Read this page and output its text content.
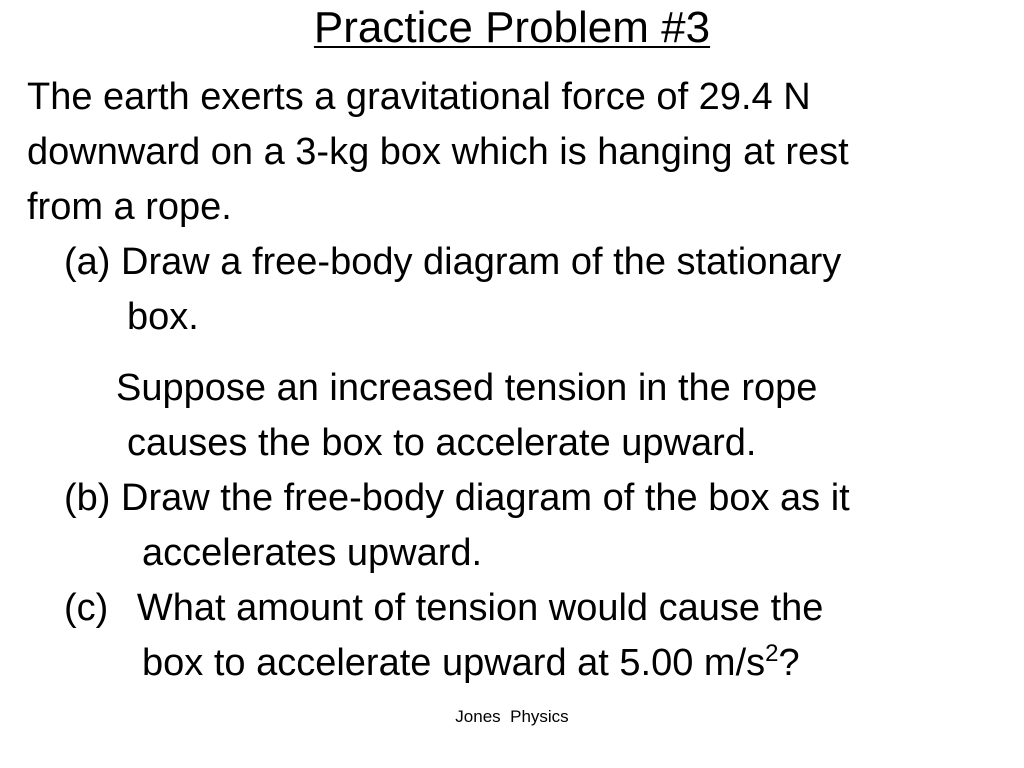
Practice Problem #3
The earth exerts a gravitational force of 29.4 N
downward on a 3-kg box which is hanging at rest
from a rope.
(a) Draw a free-body diagram of the stationary
box.
Suppose an increased tension in the rope
causes the box to accelerate upward.
(b) Draw the free-body diagram of the box as it
accelerates upward.
(c) What amount of tension would cause the
box to accelerate upward at 5.00 $m/s^2$?
Jones  Physics
